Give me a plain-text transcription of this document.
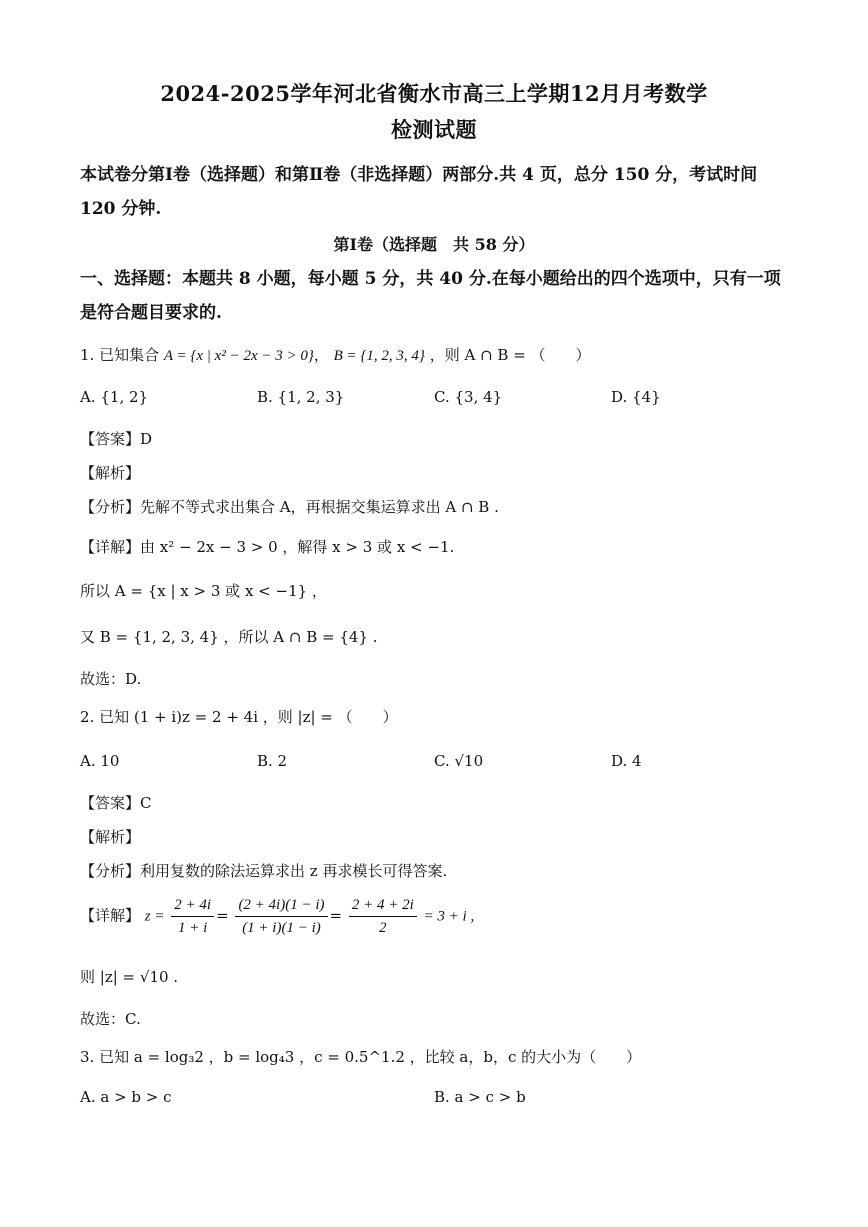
2024-2025学年河北省衡水市高三上学期12月月考数学
检测试题
本试卷分第Ⅰ卷（选择题）和第Ⅱ卷（非选择题）两部分.共 4 页，总分 150 分，考试时间 120 分钟.
第Ⅰ卷（选择题　共 58 分）
一、选择题：本题共 8 小题，每小题 5 分，共 40 分.在每小题给出的四个选项中，只有一项是符合题目要求的.
1. 已知集合 A = {x | x² − 2x − 3 > 0}， B = {1, 2, 3, 4} ，则 A ∩ B = （　　）
A. {1, 2}	B. {1, 2, 3}	C. {3, 4}	D. {4}
【答案】D
【解析】
【分析】先解不等式求出集合 A，再根据交集运算求出 A ∩ B .
【详解】由 x² − 2x − 3 > 0 ，解得 x > 3 或 x < −1.
所以 A = {x | x > 3 或 x < −1} ，
又 B = {1, 2, 3, 4} ，所以 A ∩ B = {4} .
故选：D.
2. 已知 (1 + i)z = 2 + 4i ，则 |z| = （　　）
A. 10	B. 2	C. √10	D. 4
【答案】C
【解析】
【分析】利用复数的除法运算求出 z 再求模长可得答案.
【详解】 $z = \frac{2 + 4i}{1 + i} = \frac{(2 + 4i)(1 - i)}{(1 + i)(1 - i)} = \frac{2 + 4 + 2i}{2} = 3 + i$ ,
则 |z| = √10 .
故选：C.
3. 已知 a = log₃2 ，b = log₄3 ，c = 0.5^1.2 ，比较 a，b，c 的大小为（　　）
A. a > b > c	B. a > c > b
